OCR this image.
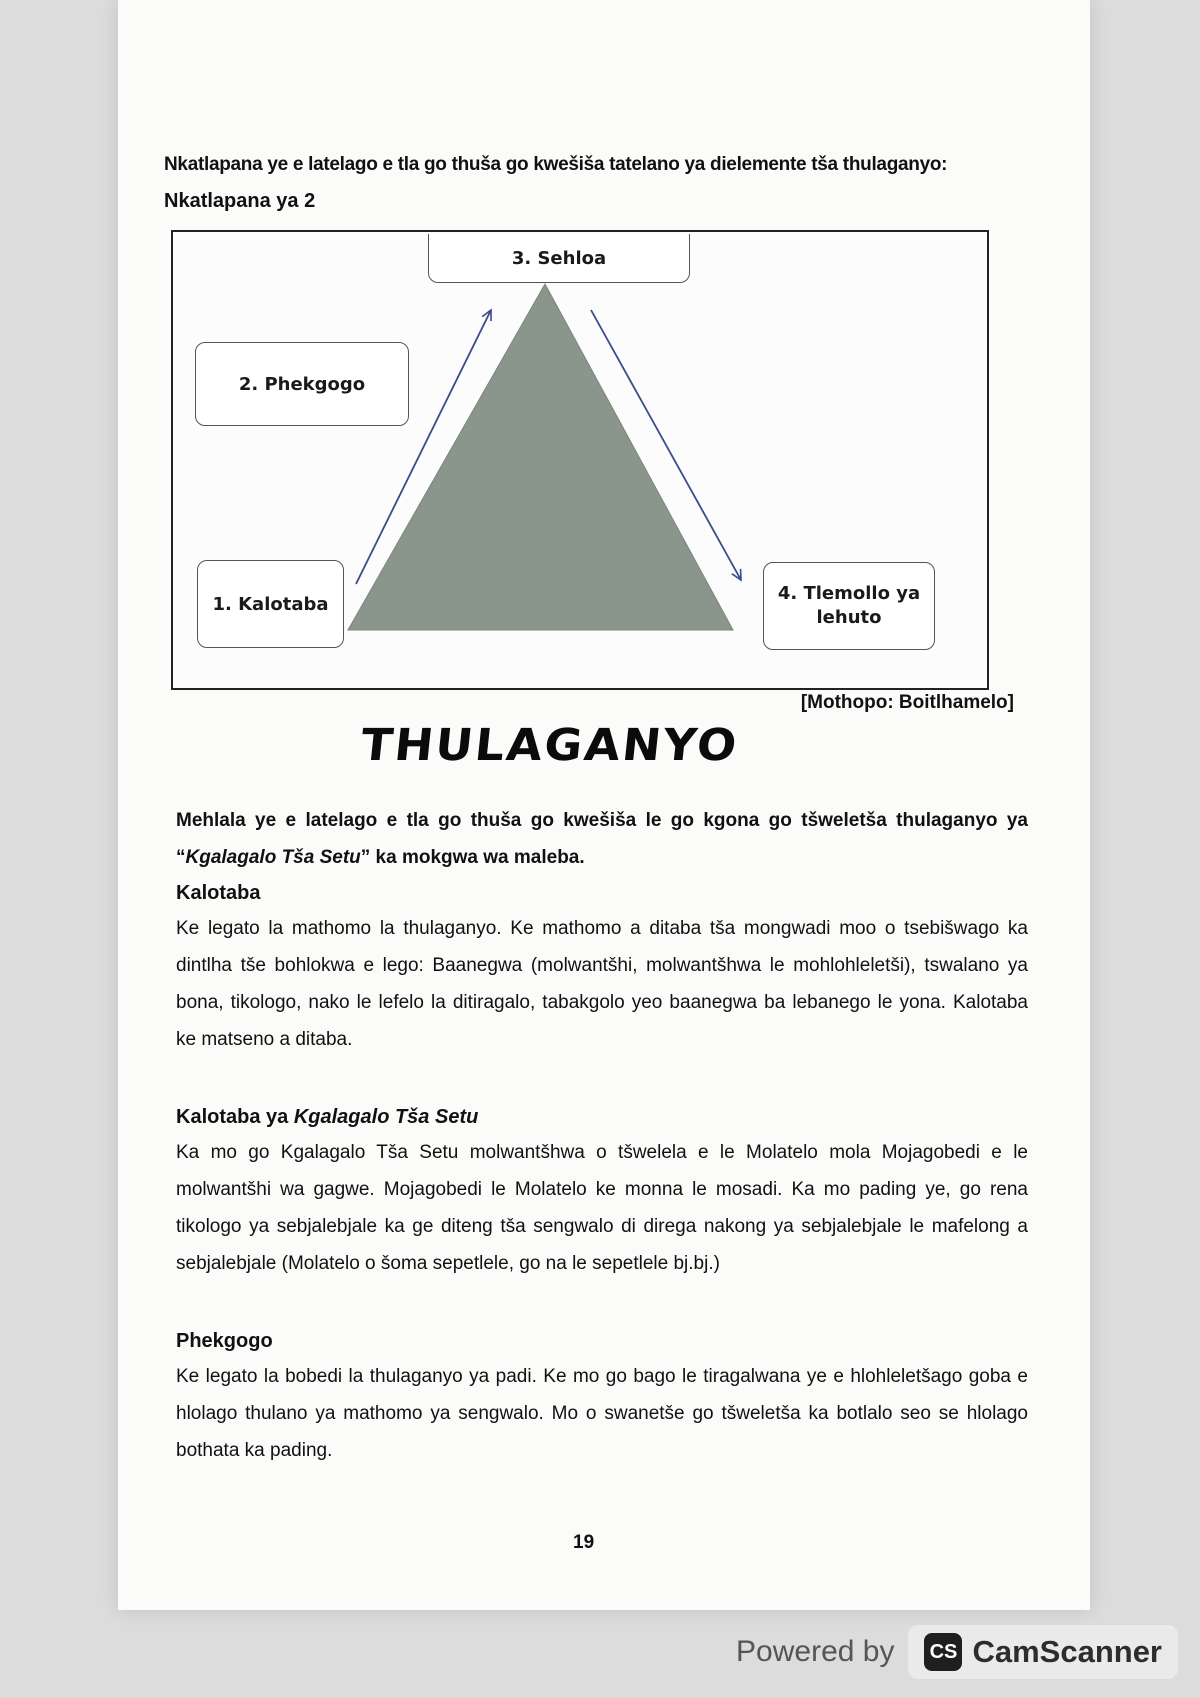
Nkatlapana ye e latelago e tla go thuša go kwešiša tatelano ya dielemente tša thulaganyo:
Nkatlapana ya 2
3. Sehloa
2. Phekgogo
1. Kalotaba	4. Tlemollo ya lehuto
[Mothopo: Boitlhamelo]
THULAGANYO
Mehlala ye e latelago e tla go thuša go kwešiša le go kgona go tšweletša thulaganyo ya “Kgalagalo Tša Setu” ka mokgwa wa maleba.
Kalotaba
Ke legato la mathomo la thulaganyo. Ke mathomo a ditaba tša mongwadi moo o tsebišwago ka dintlha tše bohlokwa e lego: Baanegwa (molwantšhi, molwantšhwa le mohlohleletši), tswalano ya bona, tikologo, nako le lefelo la ditiragalo, tabakgolo yeo baanegwa ba lebanego le yona. Kalotaba ke matseno a ditaba.
Kalotaba ya Kgalagalo Tša Setu
Ka mo go Kgalagalo Tša Setu molwantšhwa o tšwelela e le Molatelo mola Mojagobedi e le molwantšhi wa gagwe. Mojagobedi le Molatelo ke monna le mosadi. Ka mo pading ye, go rena tikologo ya sebjalebjale ka ge diteng tša sengwalo di direga nakong ya sebjalebjale le mafelong a sebjalebjale (Molatelo o šoma sepetlele, go na le sepetlele bj.bj.)
Phekgogo
Ke legato la bobedi la thulaganyo ya padi. Ke mo go bago le tiragalwana ye e hlohleletšago goba e hlolago thulano ya mathomo ya sengwalo. Mo o swanetše go tšweletša ka botlalo seo se hlolago bothata ka pading.
19
Powered by CS CamScanner
